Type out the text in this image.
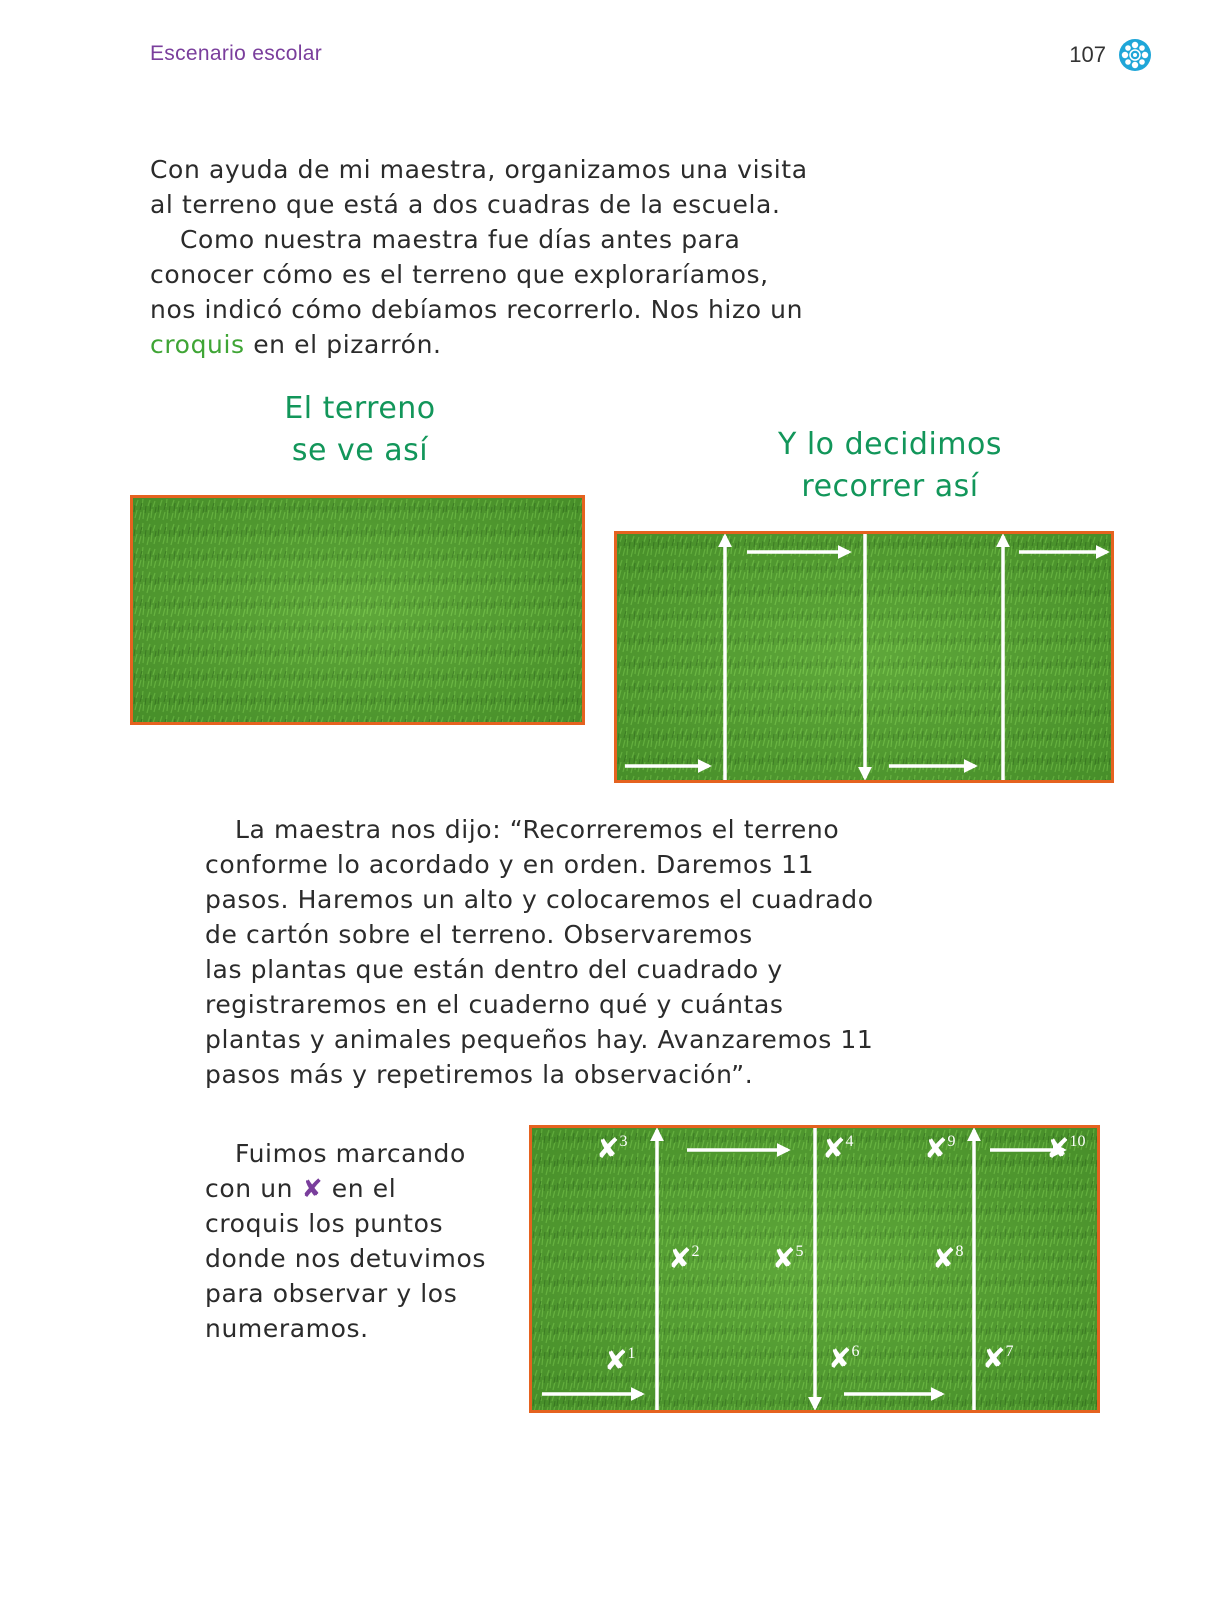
Escenario escolar	107
Con ayuda de mi maestra, organizamos una visita
al terreno que está a dos cuadras de la escuela.
Como nuestra maestra fue días antes para
conocer cómo es el terreno que exploraríamos,
nos indicó cómo debíamos recorrerlo. Nos hizo un
croquis en el pizarrón.
El terreno
se ve así	Y lo decidimos
recorrer así
La maestra nos dijo: “Recorreremos el terreno
conforme lo acordado y en orden. Daremos 11
pasos. Haremos un alto y colocaremos el cuadrado
de cartón sobre el terreno. Observaremos
las plantas que están dentro del cuadrado y
registraremos en el cuaderno qué y cuántas
plantas y animales pequeños hay. Avanzaremos 11
pasos más y repetiremos la observación”.
Fuimos marcando
con un ✘ en el
croquis los puntos
donde nos detuvimos
para observar y los
numeramos.
✘$^1$
✘$^2$
✘$^3$	✘$^4$
✘$^5$
✘$^6$	✘$^7$
✘$^8$
✘$^9$	✘$^{10}$
